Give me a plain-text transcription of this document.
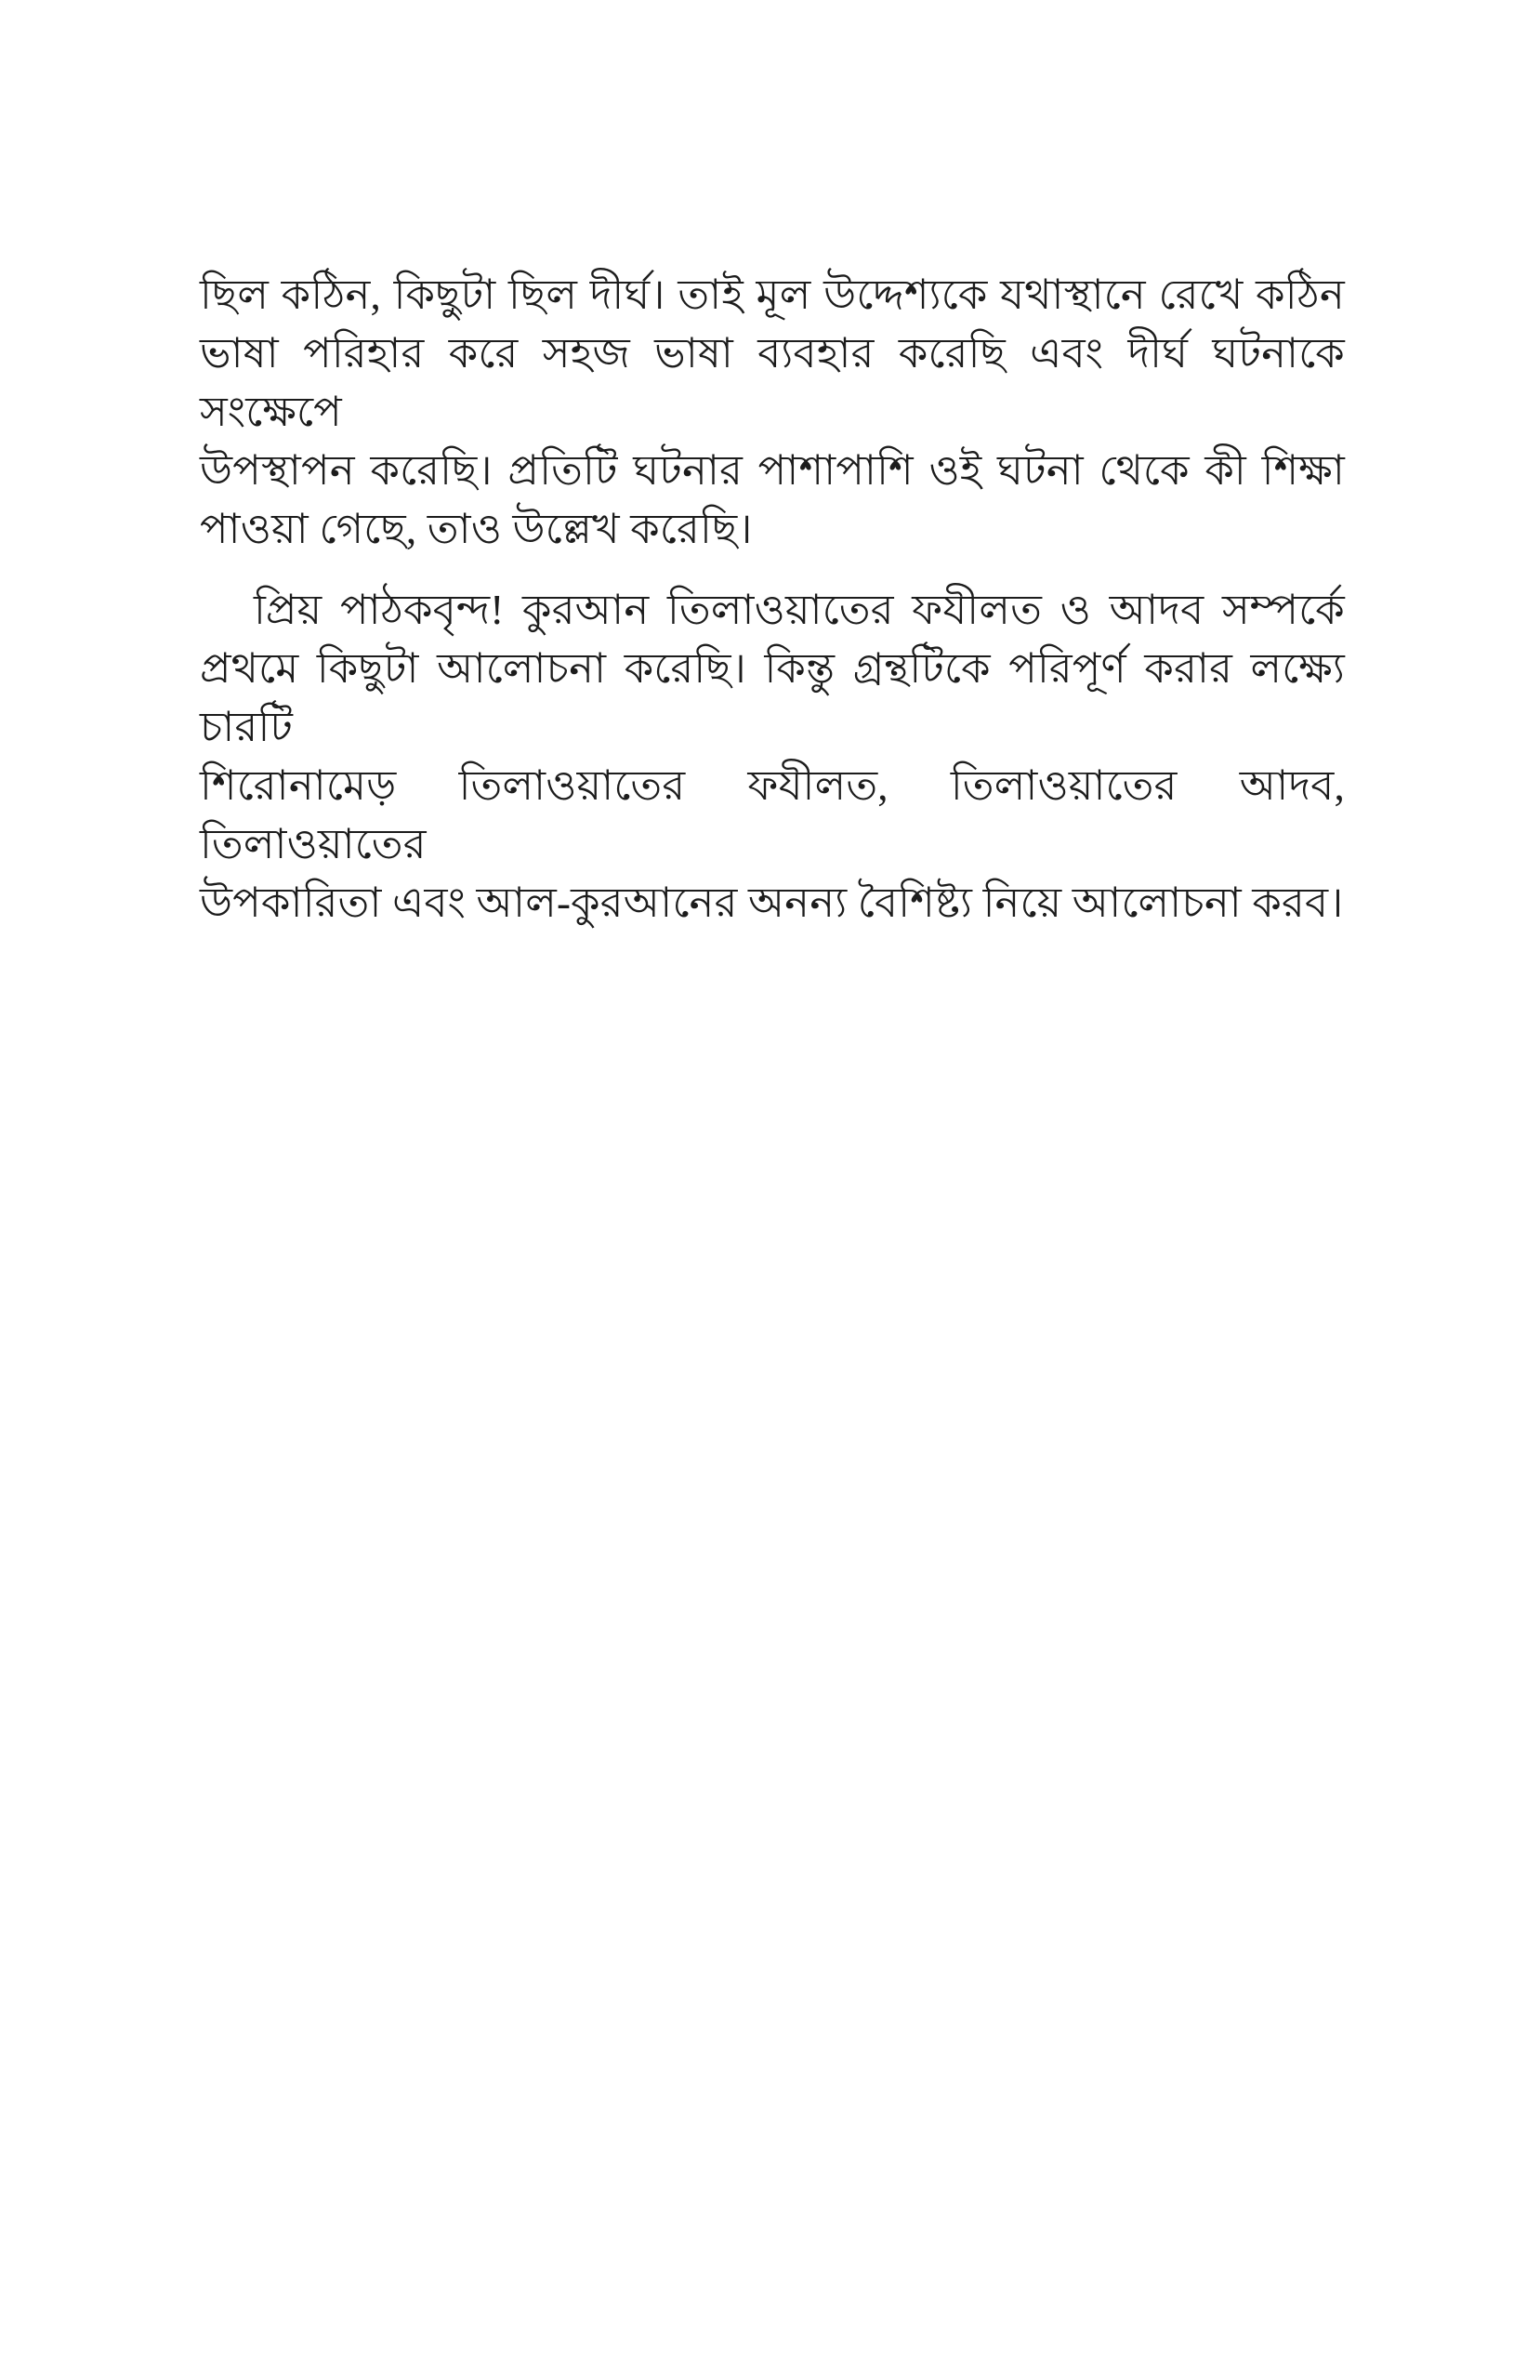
ছিল কঠিন, কিছুটা ছিল দীর্ঘ। তাই মূল উদ্দেশ্যকে যথাস্থানে রেখে কঠিন
ভাষা পরিহার করে সহজ ভাষা ব্যবহার করেছি এবং দীর্ঘ ঘটনাকে সংক্ষেপে
উপস্থাপন করেছি। প্রতিটি ঘটনার পাশাপাশি ওই ঘটনা থেকে কী শিক্ষা
পাওয়া গেছে, তাও উল্লেখ করেছি।
প্রিয় পাঠকবৃন্দ! কুরআন তিলাওয়াতের ফযীলত ও আদব সম্পর্কে
প্রথমে কিছুটা আলোচনা করেছি। কিন্তু গ্রন্থটিকে পরিপূর্ণ করার লক্ষ্যে চারটি
শিরোনামেড় তিলাওয়াতের ফযীলত, তিলাওয়াতের আদব, তিলাওয়াতের
উপকারিতা এবং আল-কুরআনের অনন্য বৈশিষ্ট্য নিয়ে আলোচনা করব।
